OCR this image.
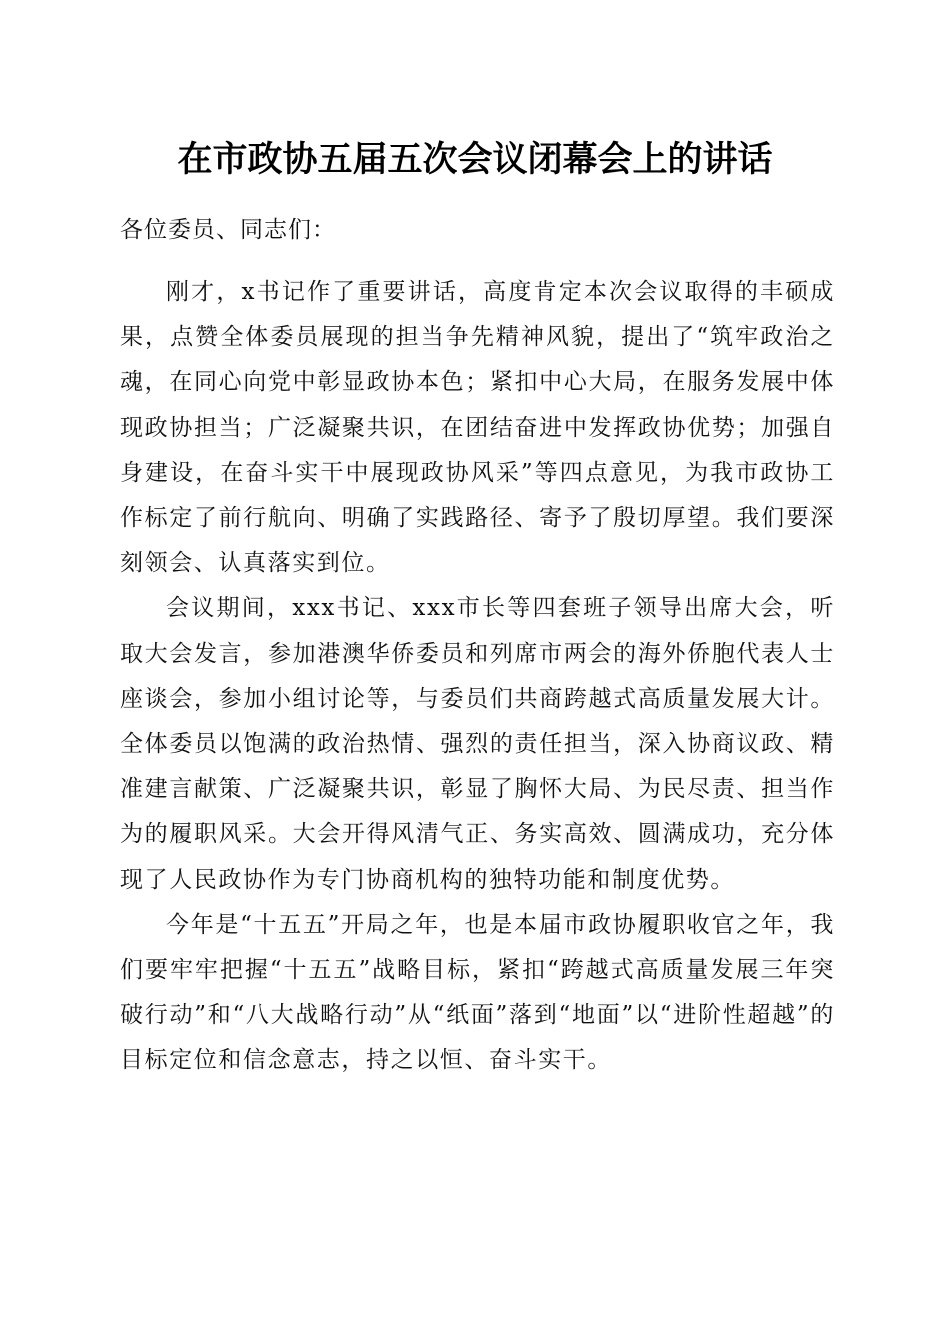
在市政协五届五次会议闭幕会上的讲话

各位委员、同志们：

刚才，x书记作了重要讲话，高度肯定本次会议取得的丰硕成果，点赞全体委员展现的担当争先精神风貌，提出了“筑牢政治之魂，在同心向党中彰显政协本色；紧扣中心大局，在服务发展中体现政协担当；广泛凝聚共识，在团结奋进中发挥政协优势；加强自身建设，在奋斗实干中展现政协风采”等四点意见，为我市政协工作标定了前行航向、明确了实践路径、寄予了殷切厚望。我们要深刻领会、认真落实到位。

会议期间，xxx书记、xxx市长等四套班子领导出席大会，听取大会发言，参加港澳华侨委员和列席市两会的海外侨胞代表人士座谈会，参加小组讨论等，与委员们共商跨越式高质量发展大计。全体委员以饱满的政治热情、强烈的责任担当，深入协商议政、精准建言献策、广泛凝聚共识，彰显了胸怀大局、为民尽责、担当作为的履职风采。大会开得风清气正、务实高效、圆满成功，充分体现了人民政协作为专门协商机构的独特功能和制度优势。

今年是“十五五”开局之年，也是本届市政协履职收官之年，我们要牢牢把握“十五五”战略目标，紧扣“跨越式高质量发展三年突破行动”和“八大战略行动”从“纸面”落到“地面”以“进阶性超越”的目标定位和信念意志，持之以恒、奋斗实干。
